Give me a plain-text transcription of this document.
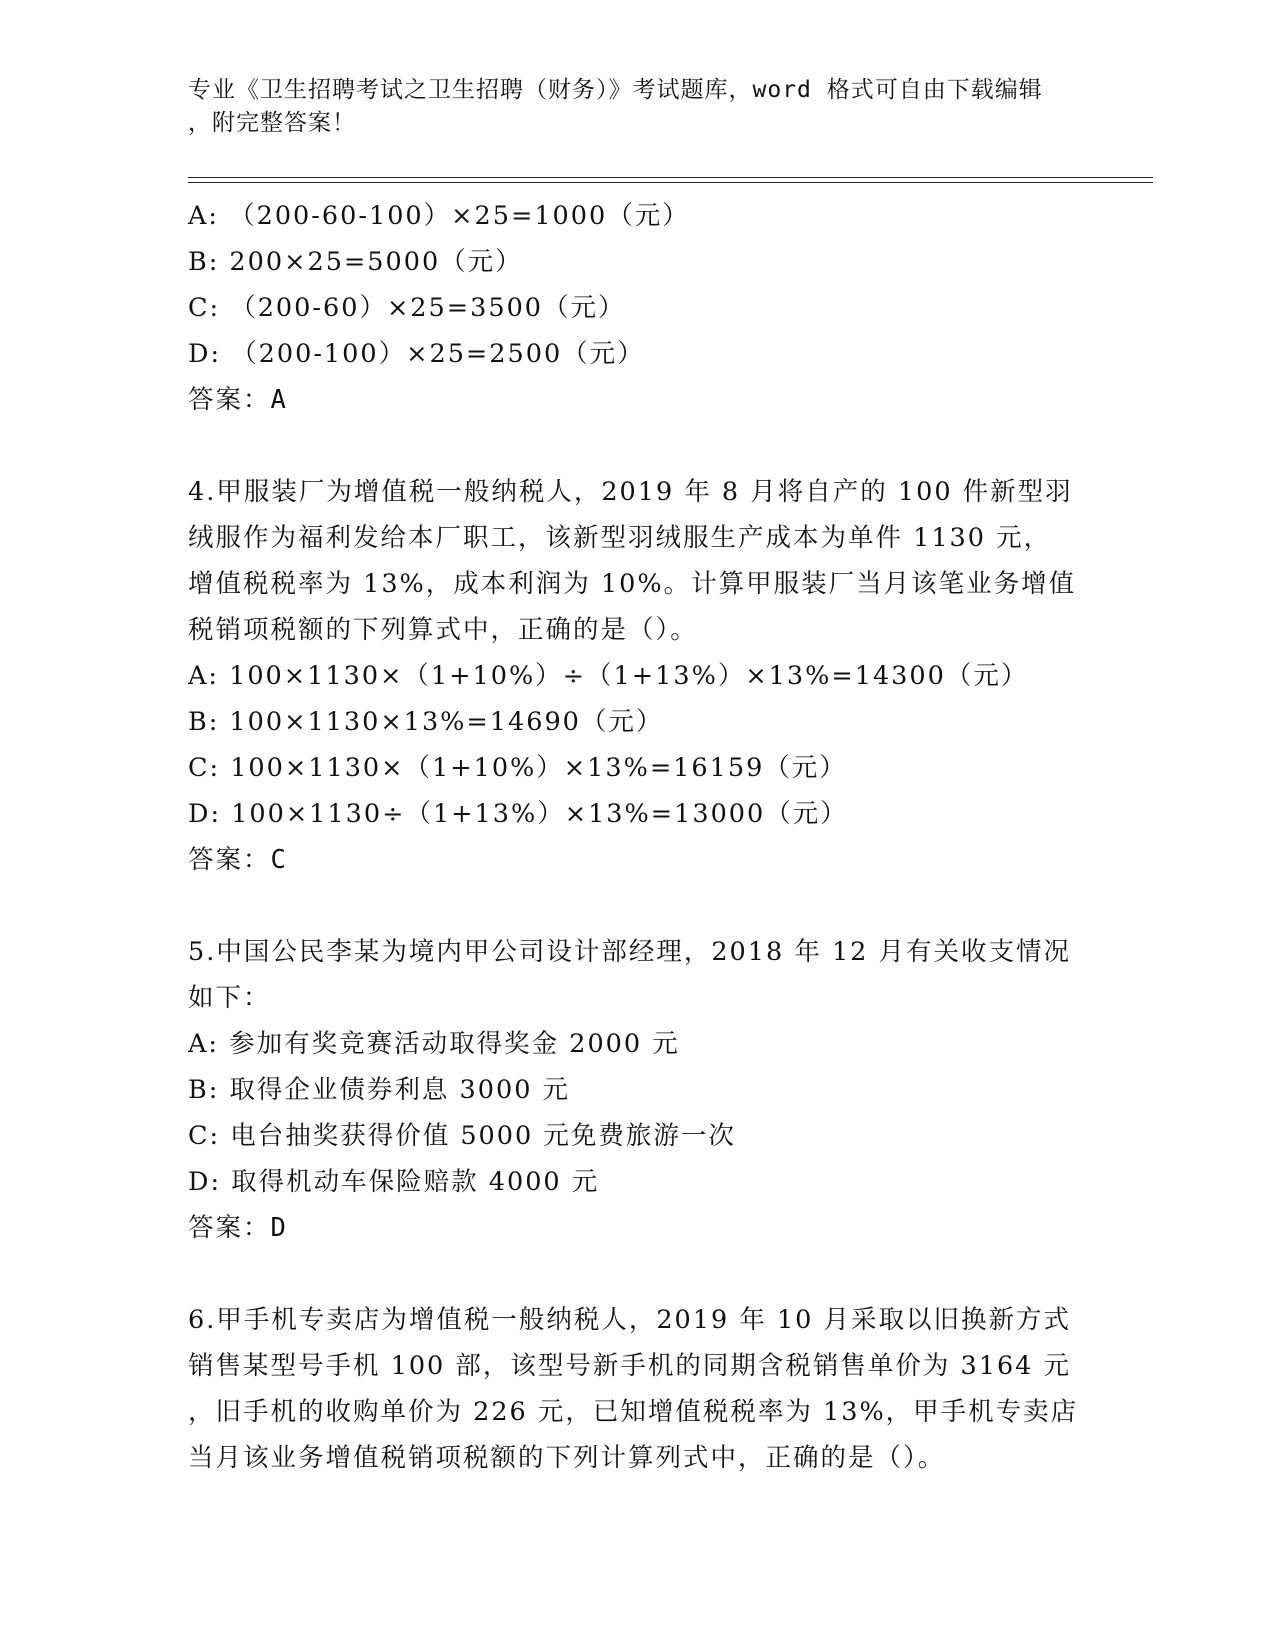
专业《卫生招聘考试之卫生招聘（财务）》考试题库，word 格式可自由下载编辑
，附完整答案！
A: （200-60-100）×25=1000（元）
B: 200×25=5000（元）
C: （200-60）×25=3500（元）
D: （200-100）×25=2500（元）
答案：A
4.甲服装厂为增值税一般纳税人，2019 年 8 月将自产的 100 件新型羽
绒服作为福利发给本厂职工，该新型羽绒服生产成本为单件 1130 元，
增值税税率为 13%，成本利润为 10%。计算甲服装厂当月该笔业务增值
税销项税额的下列算式中，正确的是（）。
A: 100×1130×（1+10%）÷（1+13%）×13%=14300（元）
B: 100×1130×13%=14690（元）
C: 100×1130×（1+10%）×13%=16159（元）
D: 100×1130÷（1+13%）×13%=13000（元）
答案：C
5.中国公民李某为境内甲公司设计部经理，2018 年 12 月有关收支情况
如下：
A: 参加有奖竞赛活动取得奖金 2000 元
B: 取得企业债券利息 3000 元
C: 电台抽奖获得价值 5000 元免费旅游一次
D: 取得机动车保险赔款 4000 元
答案：D
6.甲手机专卖店为增值税一般纳税人，2019 年 10 月采取以旧换新方式
销售某型号手机 100 部，该型号新手机的同期含税销售单价为 3164 元
，旧手机的收购单价为 226 元，已知增值税税率为 13%，甲手机专卖店
当月该业务增值税销项税额的下列计算列式中，正确的是（）。
